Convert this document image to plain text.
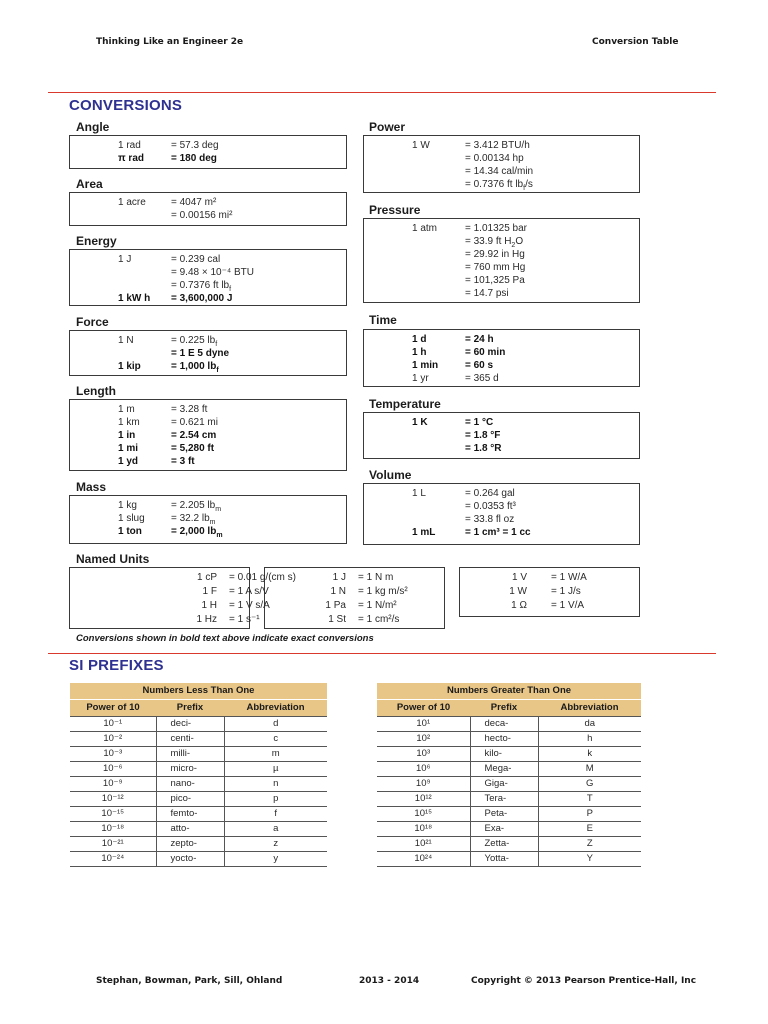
Thinking Like an Engineer 2e	Conversion Table
CONVERSIONS
Angle
Area
Energy
Force
Length
Mass
Power
Pressure
Time
Temperature
Volume
Named Units
Conversions shown in bold text above indicate exact conversions
SI PREFIXES
Numbers Less Than One		
Power of 10	Prefix	Abbreviation
10⁻¹	deci-	d
10⁻²	centi-	c
10⁻³	milli-	m
10⁻⁶	micro-	µ
10⁻⁹	nano-	n
10⁻¹²	pico-	p
10⁻¹⁵	femto-	f
10⁻¹⁸	atto-	a
10⁻²¹	zepto-	z
10⁻²⁴	yocto-	y
Numbers Greater Than One		
Power of 10	Prefix	Abbreviation
10¹	deca-	da
10²	hecto-	h
10³	kilo-	k
10⁶	Mega-	M
10⁹	Giga-	G
10¹²	Tera-	T
10¹⁵	Peta-	P
10¹⁸	Exa-	E
10²¹	Zetta-	Z
10²⁴	Yotta-	Y
Stephan, Bowman, Park, Sill, Ohland	2013 - 2014	Copyright © 2013 Pearson Prentice-Hall, Inc
1 rad	= 57.3 deg
π rad	= 180 deg
1 acre	= 4047 m²
= 0.00156 mi²
1 J	= 0.239 cal
= 9.48 × 10⁻⁴ BTU
= 0.7376 ft $lb_f$
1 kW h = 3,600,000 J
1 N	= 0.225 $lb_f$
= 1 E 5 dyne
1 kip	= 1,000 $lb_f$
1 m	= 3.28 ft
1 km	= 0.621 mi
1 in	= 2.54 cm
1 mi	= 5,280 ft
1 yd	= 3 ft
1 kg	= 2.205 $lb_m$
1 slug	= 32.2 $lb_m$
1 ton	= 2,000 $lb_m$
1 W	= 3.412 BTU/h
= 0.00134 hp
= 14.34 cal/min
= 0.7376 ft $lb_f/s$
1 atm	= 1.01325 bar
= 33.9 ft $H_2O$
= 29.92 in Hg
= 760 mm Hg
= 101,325 Pa
= 14.7 psi
1 d	= 24 h
1 h	= 60 min
1 min	= 60 s
1 yr	= 365 d
1 K	= 1 °C
= 1.8 °F
= 1.8 °R
1 L	= 0.264 gal
= 0.0353 ft³
= 33.8 fl oz
1 mL	= 1 cm³ = 1 cc
1 cP = 0.01 g/(cm s)
1 F = 1 A s/V
1 H = 1 V s/A
1 Hz = 1 s⁻¹
1 J = 1 N m
1 N = 1 kg m/s²
1 Pa = 1 N/m²
1 St = 1 cm²/s
1 V = 1 W/A
1 W = 1 J/s
1 Ω = 1 V/A
